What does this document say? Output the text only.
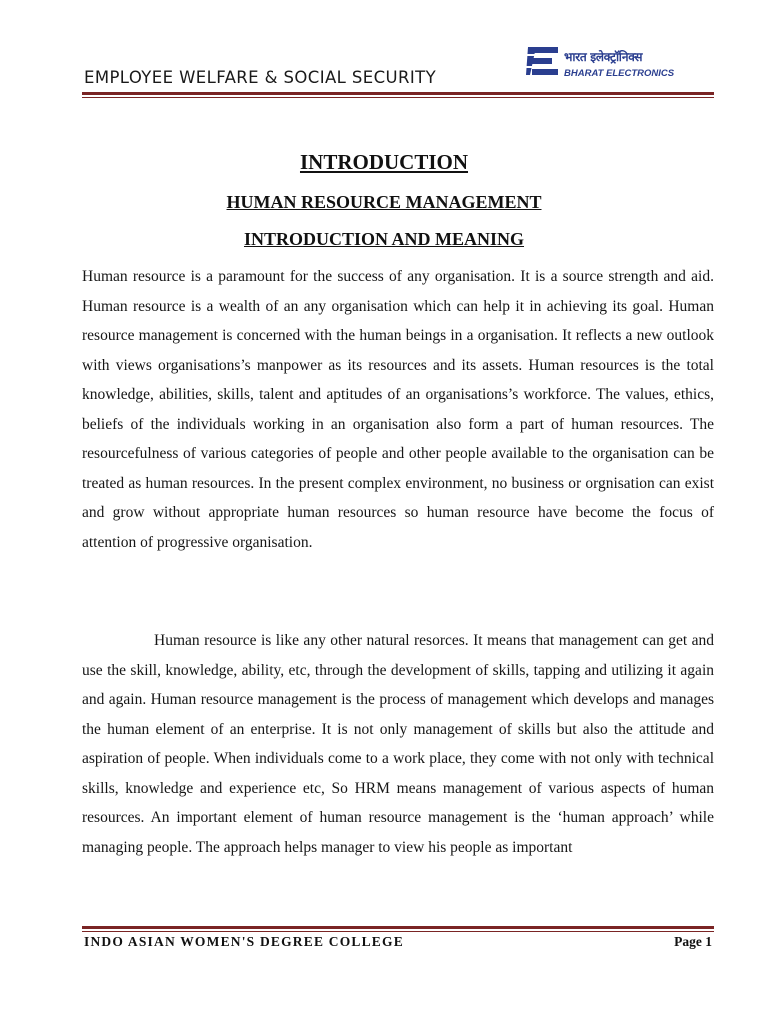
EMPLOYEE WELFARE & SOCIAL SECURITY
भारत इलेक्ट्रॉनिक्स
BHARAT ELECTRONICS
INTRODUCTION
HUMAN RESOURCE MANAGEMENT
INTRODUCTION AND MEANING

Human resource is a paramount for the success of any organisation. It is a source strength and aid. Human resource is a wealth of an any organisation which can help it in achieving its goal. Human resource management is concerned with the human beings in a organisation. It reflects a new outlook with views organisations’s manpower as its resources and its assets. Human resources is the total knowledge, abilities, skills, talent and aptitudes of an organisations’s workforce. The values, ethics, beliefs of the individuals working in an organisation also form a part of human resources. The resourcefulness of various categories of people and other people available to the organisation can be treated as human resources. In the present complex environment, no business or orgnisation can exist and grow without appropriate human resources so human resource have become the focus of attention of progressive organisation.

Human resource is like any other natural resorces. It means that management can get and use the skill, knowledge, ability, etc, through the development of skills, tapping and utilizing it again and again. Human resource management is the process of management which develops and manages the human element of an enterprise. It is not only management of skills but also the attitude and aspiration of people. When individuals come to a work place, they come with not only with technical skills, knowledge and experience etc, So HRM means management of various aspects of human resources. An important element of human resource management is the ‘human approach’ while managing people. The approach helps manager to view his people as important

INDO ASIAN WOMEN'S DEGREE COLLEGE	Page 1
